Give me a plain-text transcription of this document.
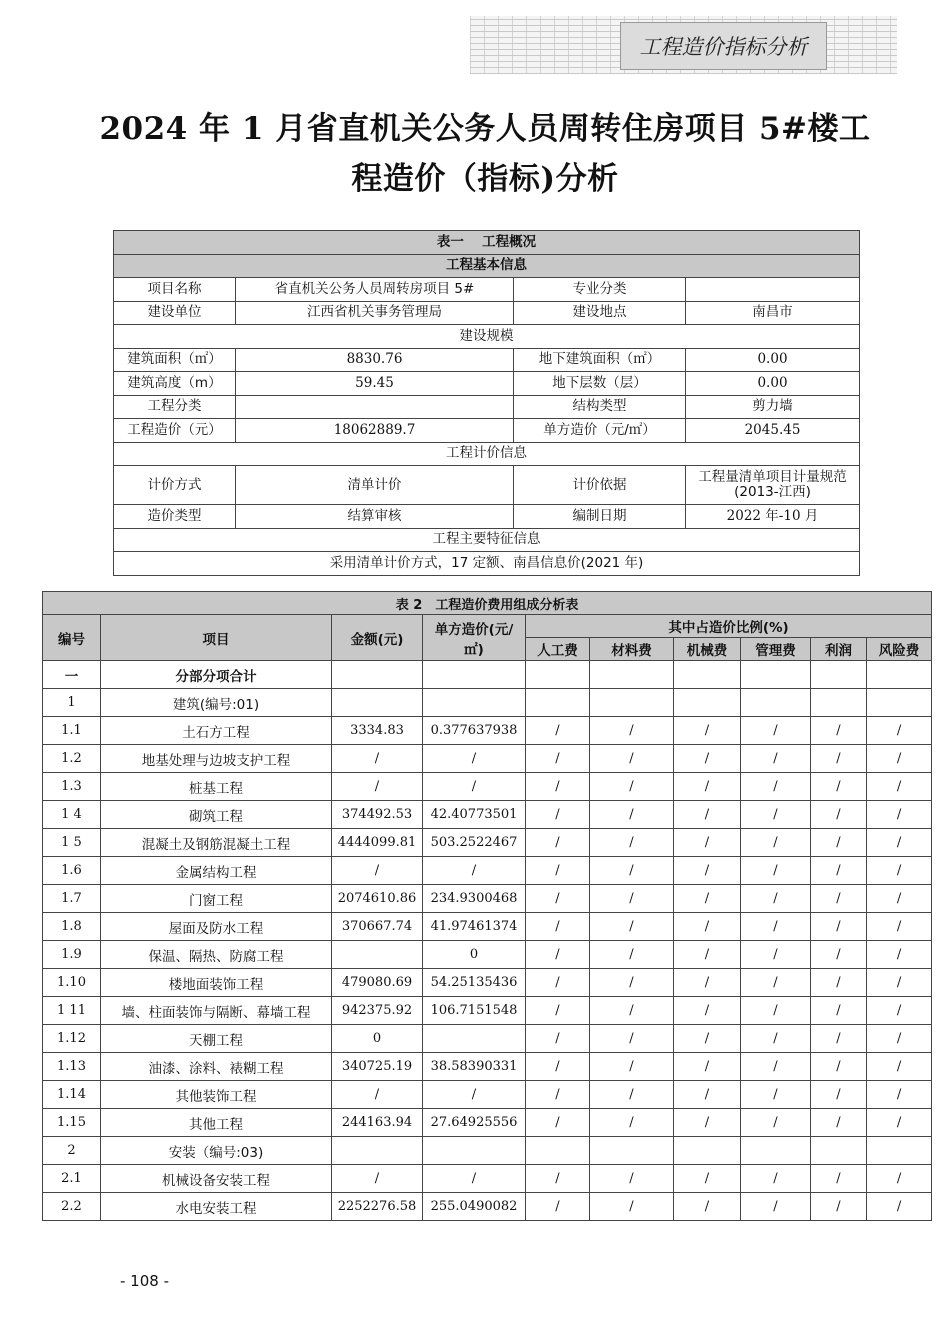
工程造价指标分析
2024 年 1 月省直机关公务人员周转住房项目 5#楼工
程造价（指标)分析
表一　 工程概况			
工程基本信息			
项目名称	省直机关公务人员周转房项目 5#	专业分类	
建设单位	江西省机关事务管理局	建设地点	南昌市
建设规模			
建筑面积（㎡）	8830.76	地下建筑面积（㎡）	0.00
建筑高度（m）	59.45	地下层数（层）	0.00
工程分类		结构类型	剪力墙
工程造价（元）	18062889.7	单方造价（元/㎡）	2045.45
工程计价信息			
计价方式	清单计价	计价依据	工程量清单项目计量规范(2013-江西)
造价类型	结算审核	编制日期	2022 年-10 月
工程主要特征信息			
采用清单计价方式，17 定额、南昌信息价(2021 年)			
表 2　工程造价费用组成分析表									
编号	项目	金额(元)	单方造价(元/㎡)	其中占造价比例(%)					
				人工费	材料费	机械费	管理费	利润	风险费
一	分部分项合计								
1	建筑(编号:01)								
1.1	土石方工程	3334.83	0.377637938	/	/	/	/	/	/
1.2	地基处理与边坡支护工程	/	/	/	/	/	/	/	/
1.3	桩基工程	/	/	/	/	/	/	/	/
1 4	砌筑工程	374492.53	42.40773501	/	/	/	/	/	/
1 5	混凝土及钢筋混凝土工程	4444099.81	503.2522467	/	/	/	/	/	/
1.6	金属结构工程	/	/	/	/	/	/	/	/
1.7	门窗工程	2074610.86	234.9300468	/	/	/	/	/	/
1.8	屋面及防水工程	370667.74	41.97461374	/	/	/	/	/	/
1.9	保温、隔热、防腐工程		0	/	/	/	/	/	/
1.10	楼地面装饰工程	479080.69	54.25135436	/	/	/	/	/	/
1 11	墙、柱面装饰与隔断、幕墙工程	942375.92	106.7151548	/	/	/	/	/	/
1.12	天棚工程	0		/	/	/	/	/	/
1.13	油漆、涂料、裱糊工程	340725.19	38.58390331	/	/	/	/	/	/
1.14	其他装饰工程	/	/	/	/	/	/	/	/
1.15	其他工程	244163.94	27.64925556	/	/	/	/	/	/
2	安装（编号:03)								
2.1	机械设备安装工程	/	/	/	/	/	/	/	/
2.2	水电安装工程	2252276.58	255.0490082	/	/	/	/	/	/
- 108 -
